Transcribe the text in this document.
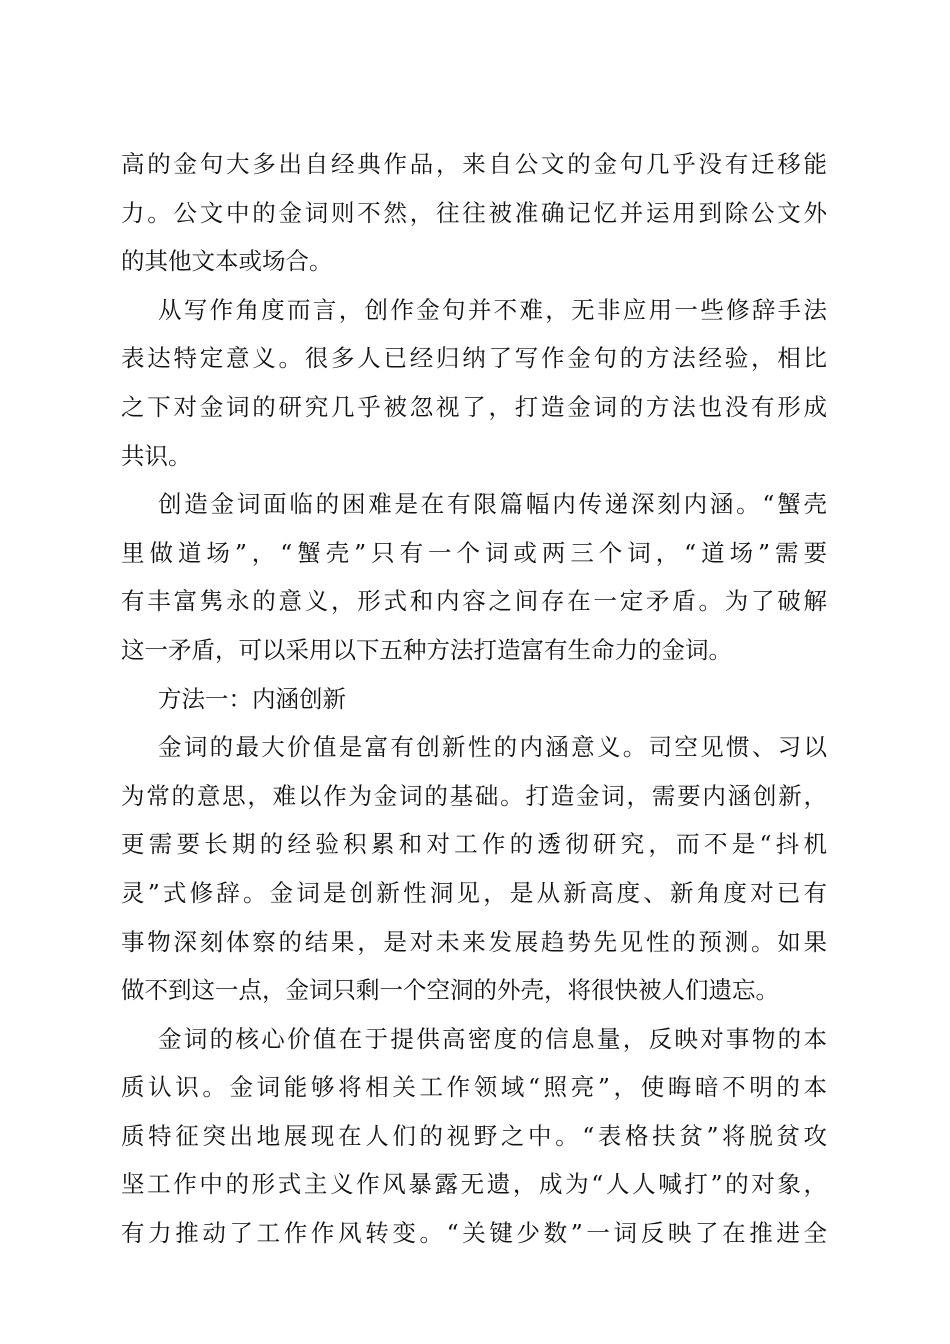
高的金句大多出自经典作品，来自公文的金句几乎没有迁移能
力。公文中的金词则不然，往往被准确记忆并运用到除公文外
的其他文本或场合。
从写作角度而言，创作金句并不难，无非应用一些修辞手法
表达特定意义。很多人已经归纳了写作金句的方法经验，相比
之下对金词的研究几乎被忽视了，打造金词的方法也没有形成
共识。
创造金词面临的困难是在有限篇幅内传递深刻内涵。“蟹壳
里做道场”，“蟹壳”只有一个词或两三个词，“道场”需要
有丰富隽永的意义，形式和内容之间存在一定矛盾。为了破解
这一矛盾，可以采用以下五种方法打造富有生命力的金词。
方法一：内涵创新
金词的最大价值是富有创新性的内涵意义。司空见惯、习以
为常的意思，难以作为金词的基础。打造金词，需要内涵创新，
更需要长期的经验积累和对工作的透彻研究，而不是“抖机
灵”式修辞。金词是创新性洞见，是从新高度、新角度对已有
事物深刻体察的结果，是对未来发展趋势先见性的预测。如果
做不到这一点，金词只剩一个空洞的外壳，将很快被人们遗忘。
金词的核心价值在于提供高密度的信息量，反映对事物的本
质认识。金词能够将相关工作领域“照亮”，使晦暗不明的本
质特征突出地展现在人们的视野之中。“表格扶贫”将脱贫攻
坚工作中的形式主义作风暴露无遗，成为“人人喊打”的对象，
有力推动了工作作风转变。“关键少数”一词反映了在推进全
